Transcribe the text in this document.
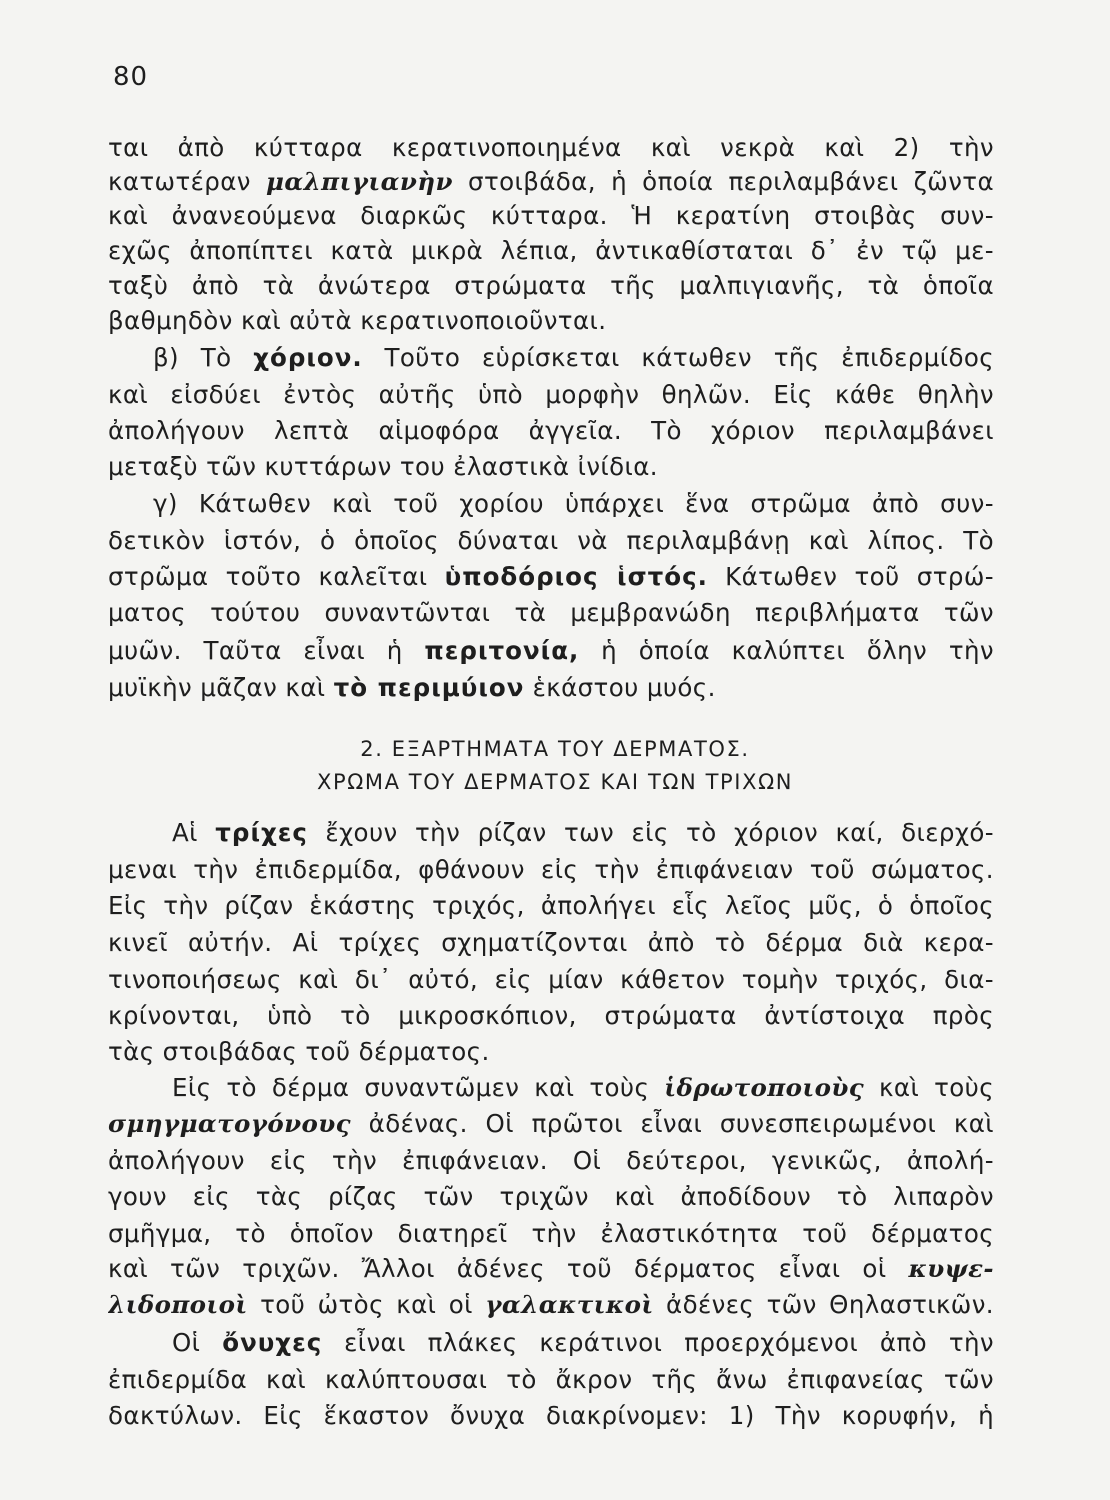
80
ται ἀπὸ κύτταρα κερατινοποιημένα καὶ νεκρὰ καὶ 2) τὴν
κατωτέραν μαλπιγιανὴν στοιβάδα, ἡ ὁποία περιλαμβάνει ζῶντα
καὶ ἀνανεούμενα διαρκῶς κύτταρα. Ἡ κερατίνη στοιβὰς συν-
εχῶς ἀποπίπτει κατὰ μικρὰ λέπια, ἀντικαθίσταται δ᾽ ἐν τῷ με-
ταξὺ ἀπὸ τὰ ἀνώτερα στρώματα τῆς μαλπιγιανῆς, τὰ ὁποῖα
βαθμηδὸν καὶ αὐτὰ κερατινοποιοῦνται.
β) Τὸ χόριον. Τοῦτο εὑρίσκεται κάτωθεν τῆς ἐπιδερμίδος
καὶ εἰσδύει ἐντὸς αὐτῆς ὑπὸ μορφὴν θηλῶν. Εἰς κάθε θηλὴν
ἀπολήγουν λεπτὰ αἱμοφόρα ἀγγεῖα. Τὸ χόριον περιλαμβάνει
μεταξὺ τῶν κυττάρων του ἐλαστικὰ ἰνίδια.
γ) Κάτωθεν καὶ τοῦ χορίου ὑπάρχει ἕνα στρῶμα ἀπὸ συν-
δετικὸν ἱστόν, ὁ ὁποῖος δύναται νὰ περιλαμβάνῃ καὶ λίπος. Τὸ
στρῶμα τοῦτο καλεῖται ὑποδόριος ἱστός. Κάτωθεν τοῦ στρώ-
ματος τούτου συναντῶνται τὰ μεμβρανώδη περιβλήματα τῶν
μυῶν. Ταῦτα εἶναι ἡ περιτονία, ἡ ὁποία καλύπτει ὅλην τὴν
μυϊκὴν μᾶζαν καὶ τὸ περιμύιον ἑκάστου μυός.
2. ΕΞΑΡΤΗΜΑΤΑ ΤΟΥ ΔΕΡΜΑΤΟΣ.
ΧΡΩΜΑ ΤΟΥ ΔΕΡΜΑΤΟΣ ΚΑΙ ΤΩΝ ΤΡΙΧΩΝ
Αἱ τρίχες ἔχουν τὴν ρίζαν των εἰς τὸ χόριον καί, διερχό-
μεναι τὴν ἐπιδερμίδα, φθάνουν εἰς τὴν ἐπιφάνειαν τοῦ σώματος.
Εἰς τὴν ρίζαν ἑκάστης τριχός, ἀπολήγει εἷς λεῖος μῦς, ὁ ὁποῖος
κινεῖ αὐτήν. Αἱ τρίχες σχηματίζονται ἀπὸ τὸ δέρμα διὰ κερα-
τινοποιήσεως καὶ δι᾽ αὐτό, εἰς μίαν κάθετον τομὴν τριχός, δια-
κρίνονται, ὑπὸ τὸ μικροσκόπιον, στρώματα ἀντίστοιχα πρὸς
τὰς στοιβάδας τοῦ δέρματος.
Εἰς τὸ δέρμα συναντῶμεν καὶ τοὺς ἱδρωτοποιοὺς καὶ τοὺς
σμηγματογόνους ἀδένας. Οἱ πρῶτοι εἶναι συνεσπειρωμένοι καὶ
ἀπολήγουν εἰς τὴν ἐπιφάνειαν. Οἱ δεύτεροι, γενικῶς, ἀπολή-
γουν εἰς τὰς ρίζας τῶν τριχῶν καὶ ἀποδίδουν τὸ λιπαρὸν
σμῆγμα, τὸ ὁποῖον διατηρεῖ τὴν ἐλαστικότητα τοῦ δέρματος
καὶ τῶν τριχῶν. Ἄλλοι ἀδένες τοῦ δέρματος εἶναι οἱ κυψε-
λιδοποιοὶ τοῦ ὠτὸς καὶ οἱ γαλακτικοὶ ἀδένες τῶν Θηλαστικῶν.
Οἱ ὄνυχες εἶναι πλάκες κεράτινοι προερχόμενοι ἀπὸ τὴν
ἐπιδερμίδα καὶ καλύπτουσαι τὸ ἄκρον τῆς ἄνω ἐπιφανείας τῶν
δακτύλων. Εἰς ἕκαστον ὄνυχα διακρίνομεν: 1) Τὴν κορυφήν, ἡ
